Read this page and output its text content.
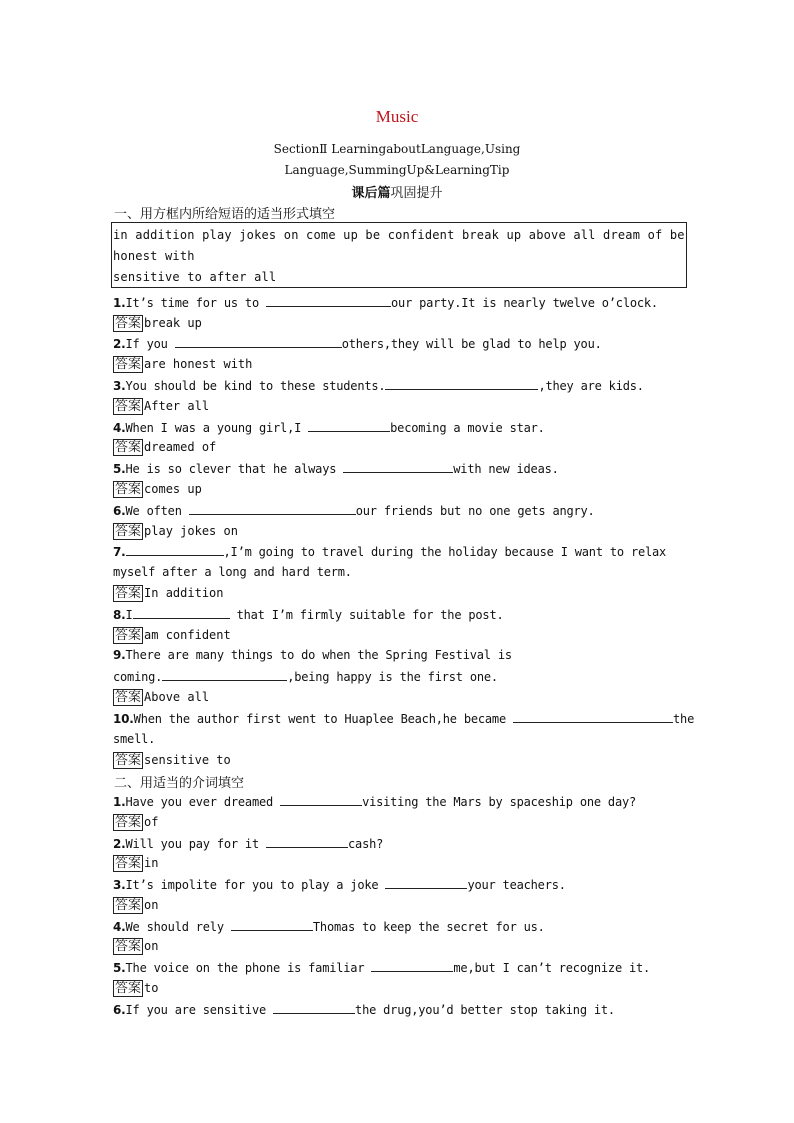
Music
SectionⅡ LearningaboutLanguage,Using
Language,SummingUp&LearningTip
课后篇巩固提升
一、用方框内所给短语的适当形式填空
in addition play jokes on come up be confident break up above all dream of be
honest with
sensitive to after all
1.It’s time for us to	our party.It is nearly twelve o’clock.
答案 break up
2.If you	others,they will be glad to help you.
答案 are honest with
3.You should be kind to these students.	,they are kids.
答案 After all
4.When I was a young girl,I	becoming a movie star.
答案 dreamed of
5.He is so clever that he always	with new ideas.
答案 comes up
6.We often	our friends but no one gets angry.
答案 play jokes on
7.	,I’m going to travel during the holiday because I want to relax
myself after a long and hard term.
答案 In addition
8.I	that I’m firmly suitable for the post.
答案 am confident
9.There are many things to do when the Spring Festival is
coming.	,being happy is the first one.
答案 Above all
10.When the author first went to Huaplee Beach,he became	the
smell.
答案 sensitive to
二、用适当的介词填空
1.Have you ever dreamed	visiting the Mars by spaceship one day?
答案 of
2.Will you pay for it	cash?
答案 in
3.It’s impolite for you to play a joke	your teachers.
答案 on
4.We should rely	Thomas to keep the secret for us.
答案 on
5.The voice on the phone is familiar	me,but I can’t recognize it.
答案 to
6.If you are sensitive	the drug,you’d better stop taking it.
